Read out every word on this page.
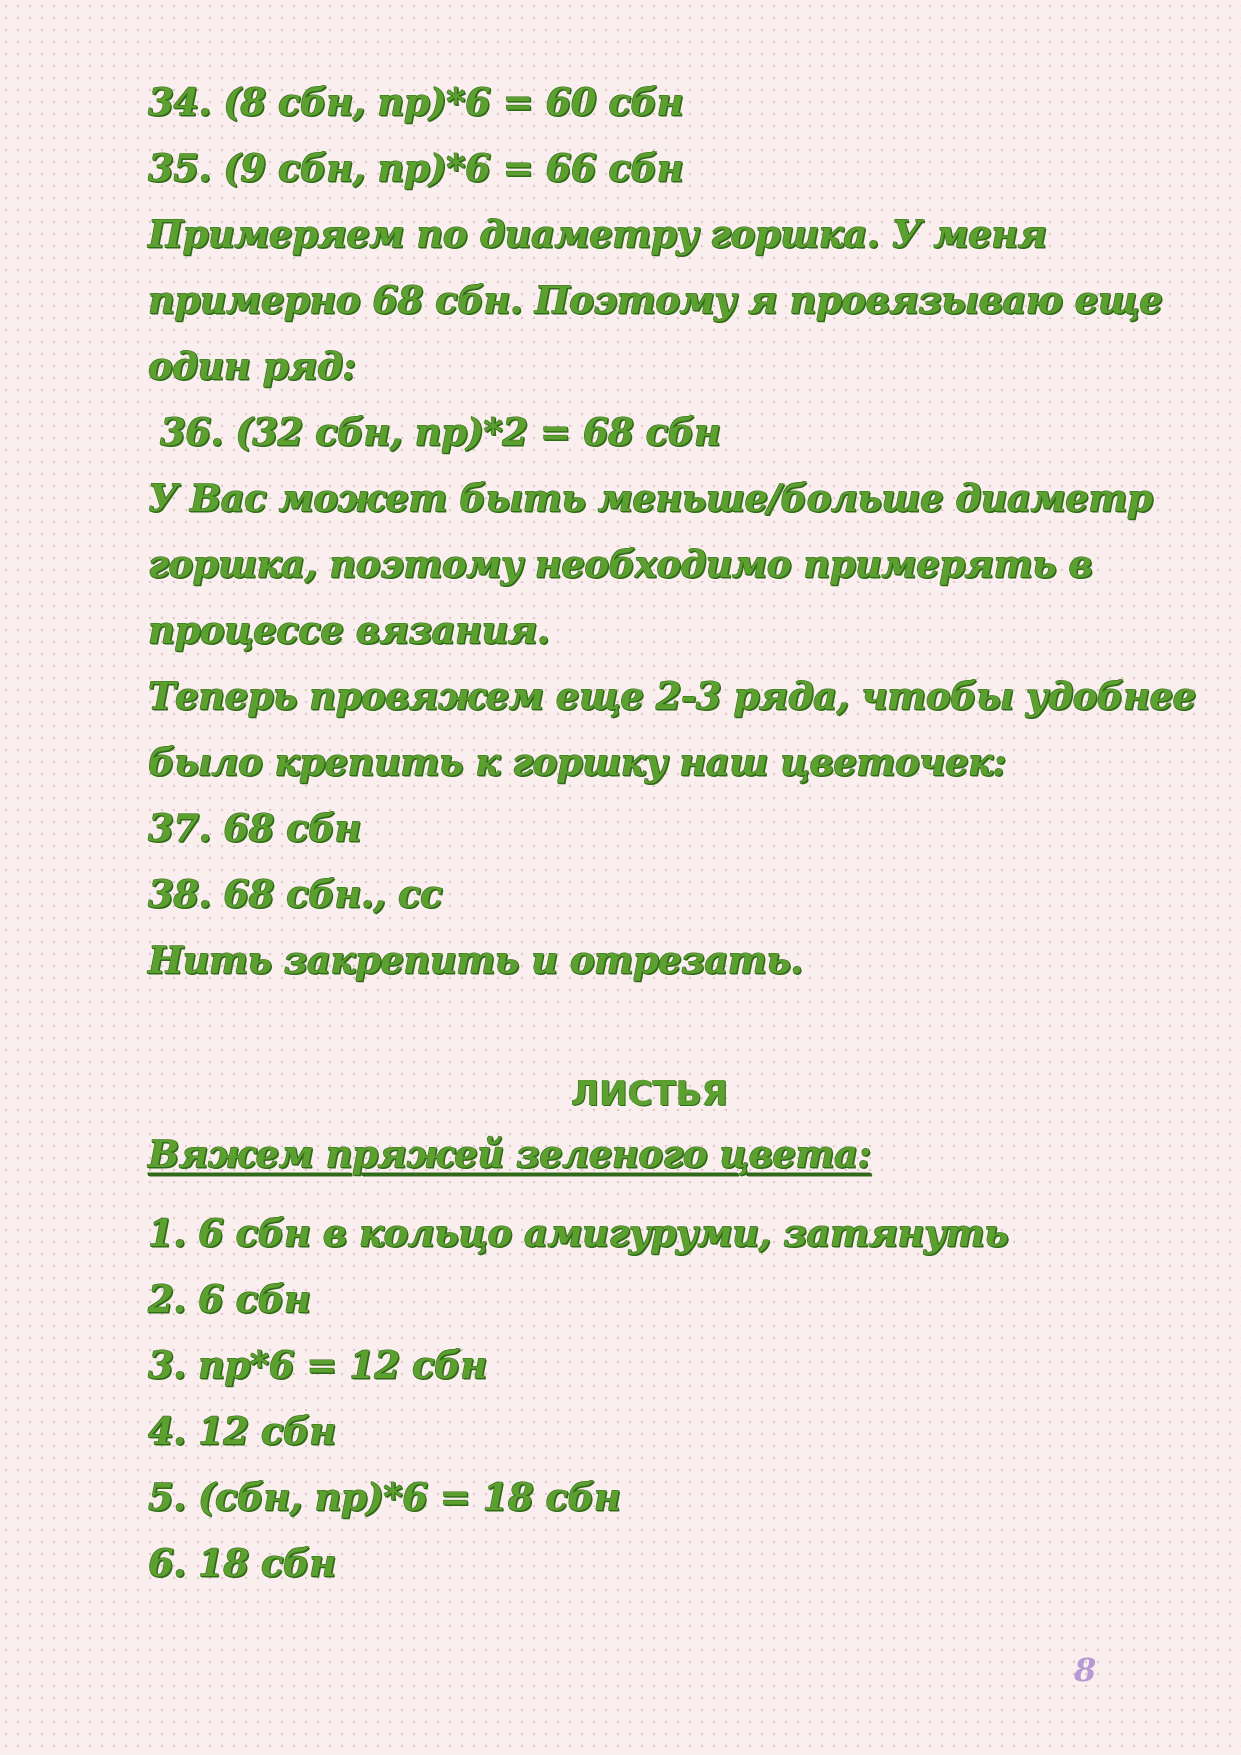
34. (8 сбн, пр)*6 = 60 сбн

35. (9 сбн, пр)*6 = 66 сбн

Примеряем по диаметру горшка. У меня

примерно 68 сбн. Поэтому я провязываю еще

один ряд:

36. (32 сбн, пр)*2 = 68 сбн

У Вас может быть меньше/больше диаметр

горшка, поэтому необходимо примерять в

процессе вязания.

Теперь провяжем еще 2-3 ряда, чтобы удобнее

было крепить к горшку наш цветочек:

37. 68 сбн

38. 68 сбн., сс

Нить закрепить и отрезать.

ЛИСТЬЯ

Вяжем пряжей зеленого цвета:

1. 6 сбн в кольцо амигуруми, затянуть

2. 6 сбн

3. пр*6 = 12 сбн

4. 12 сбн

5. (сбн, пр)*6 = 18 сбн

6. 18 сбн

8
